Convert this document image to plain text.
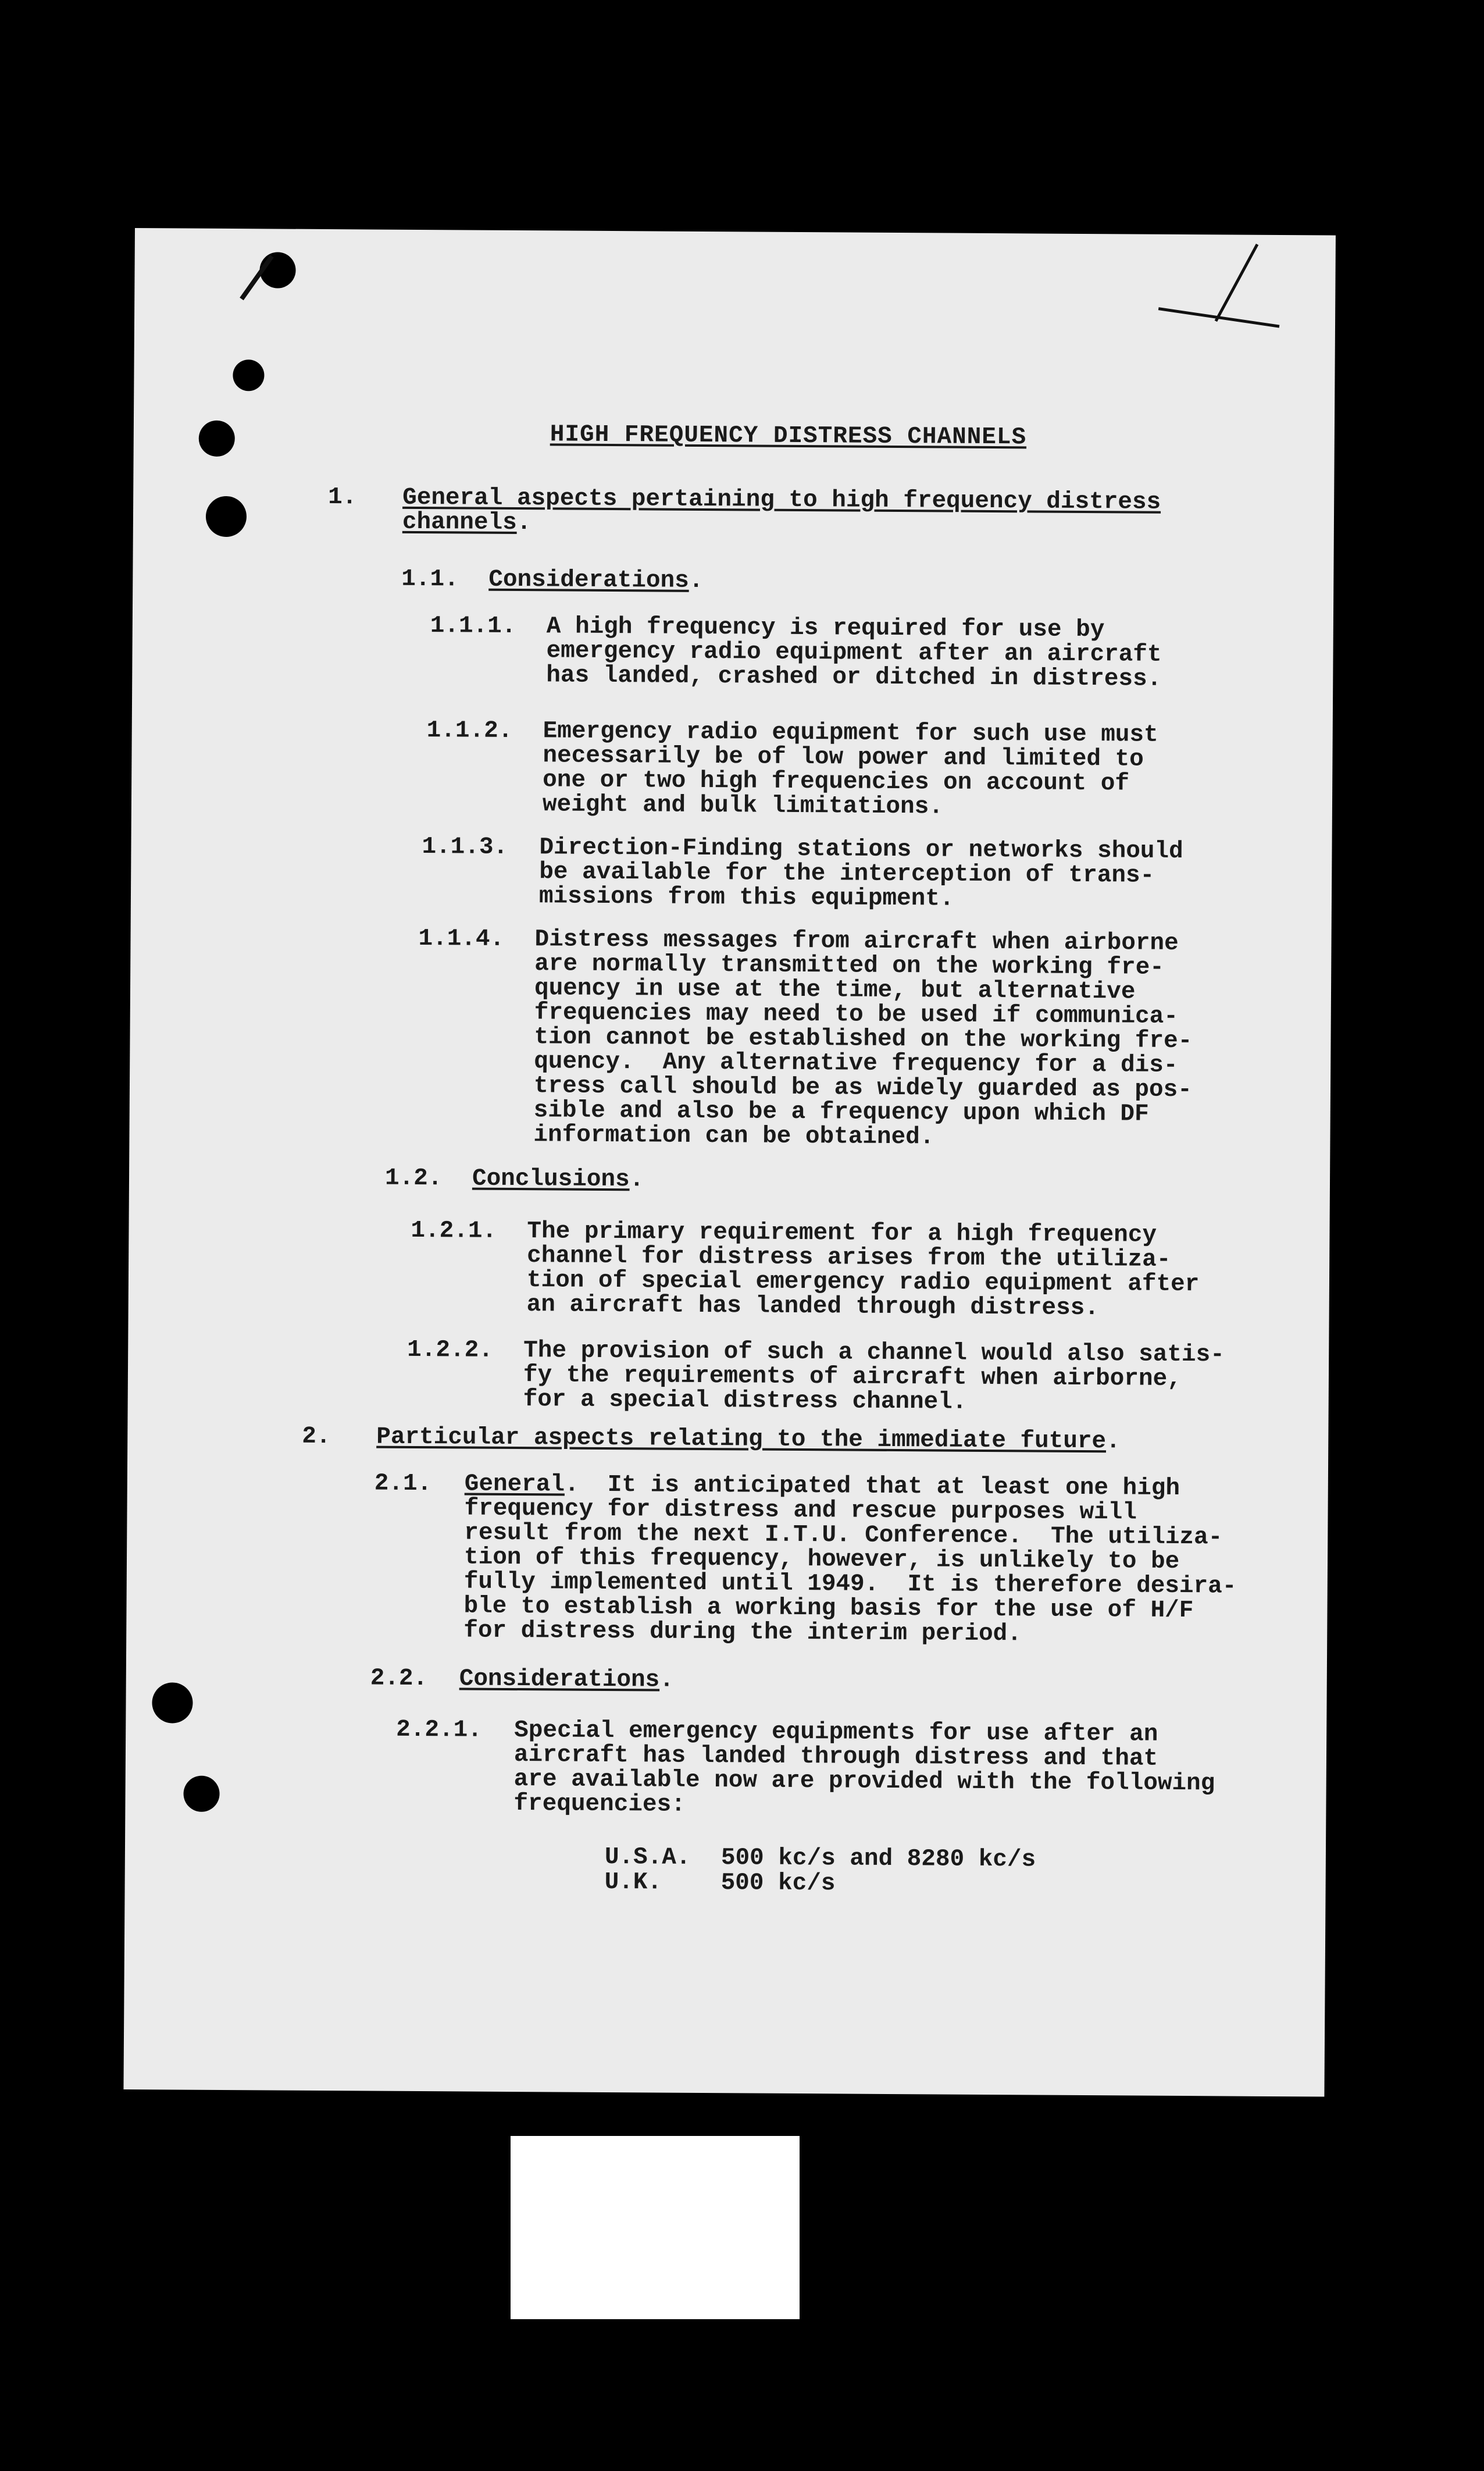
HIGH FREQUENCY DISTRESS CHANNELS
1. General aspects pertaining to high frequency distress channels.
1.1. Considerations.
1.1.1. A high frequency is required for use by
emergency radio equipment after an aircraft
has landed, crashed or ditched in distress.
1.1.2. Emergency radio equipment for such use must
necessarily be of low power and limited to
one or two high frequencies on account of
weight and bulk limitations.
1.1.3. Direction-Finding stations or networks should
be available for the interception of trans-
missions from this equipment.
1.1.4. Distress messages from aircraft when airborne
are normally transmitted on the working fre-
quency in use at the time, but alternative
frequencies may need to be used if communica-
tion cannot be established on the working fre-
quency.  Any alternative frequency for a dis-
tress call should be as widely guarded as pos-
sible and also be a frequency upon which DF
information can be obtained.
1.2. Conclusions.
1.2.1. The primary requirement for a high frequency
channel for distress arises from the utiliza-
tion of special emergency radio equipment after
an aircraft has landed through distress.
1.2.2. The provision of such a channel would also satis-
fy the requirements of aircraft when airborne,
for a special distress channel.
2. Particular aspects relating to the immediate future.
2.1. General.  It is anticipated that at least one high
frequency for distress and rescue purposes will
result from the next I.T.U. Conference.  The utiliza-
tion of this frequency, however, is unlikely to be
fully implemented until 1949.  It is therefore desira-
ble to establish a working basis for the use of H/F
for distress during the interim period.
2.2. Considerations.
2.2.1. Special emergency equipments for use after an
aircraft has landed through distress and that
are available now are provided with the following
frequencies:
U.S.A. 500 kc/s and 8280 kc/s
U.K. 500 kc/s
